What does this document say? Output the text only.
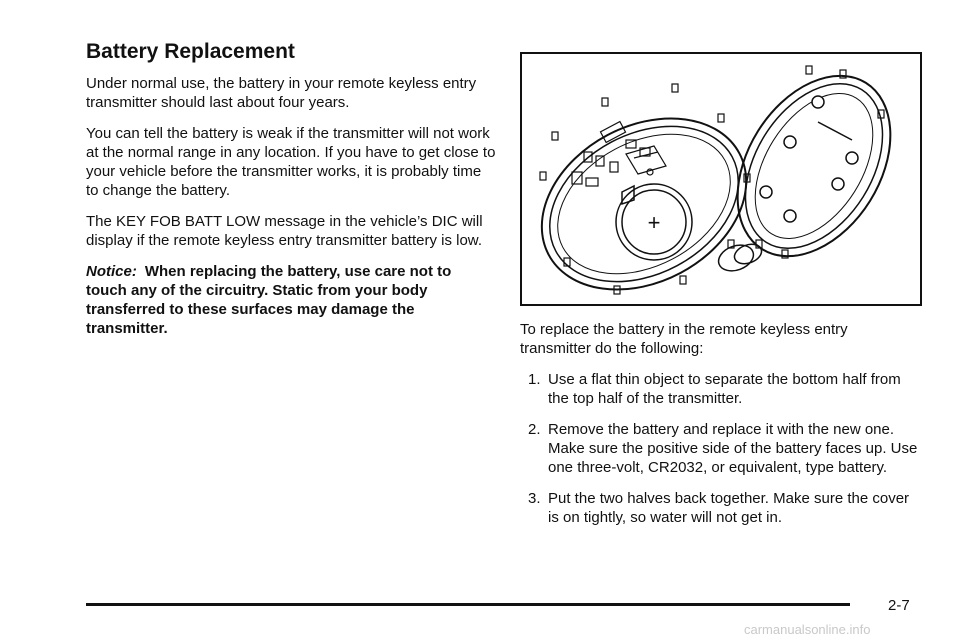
Battery Replacement

Under normal use, the battery in your remote keyless entry transmitter should last about four years.

You can tell the battery is weak if the transmitter will not work at the normal range in any location. If you have to get close to your vehicle before the transmitter works, it is probably time to change the battery.

The KEY FOB BATT LOW message in the vehicle’s DIC will display if the remote keyless entry transmitter battery is low.

Notice: When replacing the battery, use care not to touch any of the circuitry. Static from your body transferred to these surfaces may damage the transmitter.

+

To replace the battery in the remote keyless entry transmitter do the following:

1. Use a flat thin object to separate the bottom half from the top half of the transmitter.
2. Remove the battery and replace it with the new one. Make sure the positive side of the battery faces up. Use one three-volt, CR2032, or equivalent, type battery.
3. Put the two halves back together. Make sure the cover is on tightly, so water will not get in.
2-7
carmanualsonline.info
